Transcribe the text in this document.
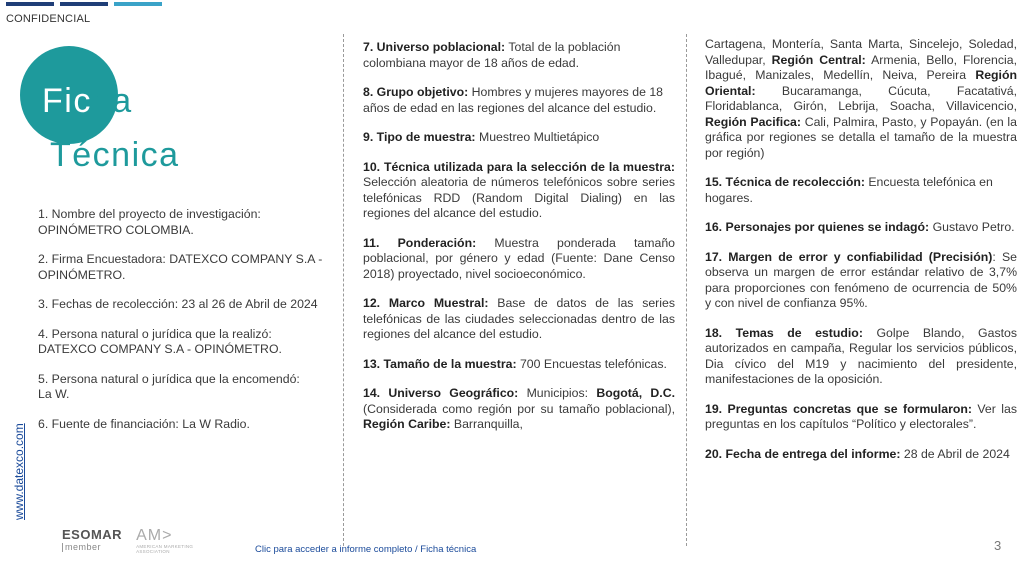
CONFIDENCIAL
Ficha
Técnica
www.datexco.com

1. Nombre del proyecto de investigación:
OPINÓMETRO COLOMBIA.

2. Firma Encuestadora: DATEXCO COMPANY S.A - OPINÓMETRO.

3. Fechas de recolección: 23 al 26 de Abril de 2024

4. Persona natural o jurídica que la realizó:
DATEXCO COMPANY S.A - OPINÓMETRO.

5. Persona natural o jurídica que la encomendó:
La W.

6. Fuente de financiación: La W Radio.

7. Universo poblacional: Total de la población colombiana mayor de 18 años de edad.

8. Grupo objetivo: Hombres y mujeres mayores de 18 años de edad en las regiones del alcance del estudio.

9. Tipo de muestra: Muestreo Multietápico

10. Técnica utilizada para la selección de la muestra: Selección aleatoria de números telefónicos sobre series telefónicas RDD (Random Digital Dialing) en las regiones del alcance del estudio.

11. Ponderación: Muestra ponderada tamaño poblacional, por género y edad (Fuente: Dane Censo 2018) proyectado, nivel socioeconómico.

12. Marco Muestral: Base de datos de las series telefónicas de las ciudades seleccionadas dentro de las regiones del alcance del estudio.

13. Tamaño de la muestra: 700 Encuestas telefónicas.

14. Universo Geográfico: Municipios: Bogotá, D.C. (Considerada como región por su tamaño poblacional), Región Caribe: Barranquilla,

Cartagena, Montería, Santa Marta, Sincelejo, Soledad, Valledupar, Región Central: Armenia, Bello, Florencia, Ibagué, Manizales, Medellín, Neiva, Pereira Región Oriental: Bucaramanga, Cúcuta, Facatativá, Floridablanca, Girón, Lebrija, Soacha, Villavicencio, Región Pacifica: Cali, Palmira, Pasto, y Popayán. (en la gráfica por regiones se detalla el tamaño de la muestra por región)

15. Técnica de recolección: Encuesta telefónica en hogares.

16. Personajes por quienes se indagó: Gustavo Petro.

17. Margen de error y confiabilidad (Precisión): Se observa un margen de error estándar relativo de 3,7% para proporciones con fenómeno de ocurrencia de 50% y con nivel de confianza 95%.

18. Temas de estudio: Golpe Blando, Gastos autorizados en campaña, Regular los servicios públicos, Dia cívico del M19 y nacimiento del presidente, manifestaciones de la oposición.

19. Preguntas concretas que se formularon: Ver las preguntas en los capítulos “Político y electorales”.

20. Fecha de entrega del informe: 28 de Abril de 2024

ESOMAR
member
AM>
AMERICAN MARKETING
ASSOCIATION	Clic para acceder a informe completo / Ficha técnica	3
